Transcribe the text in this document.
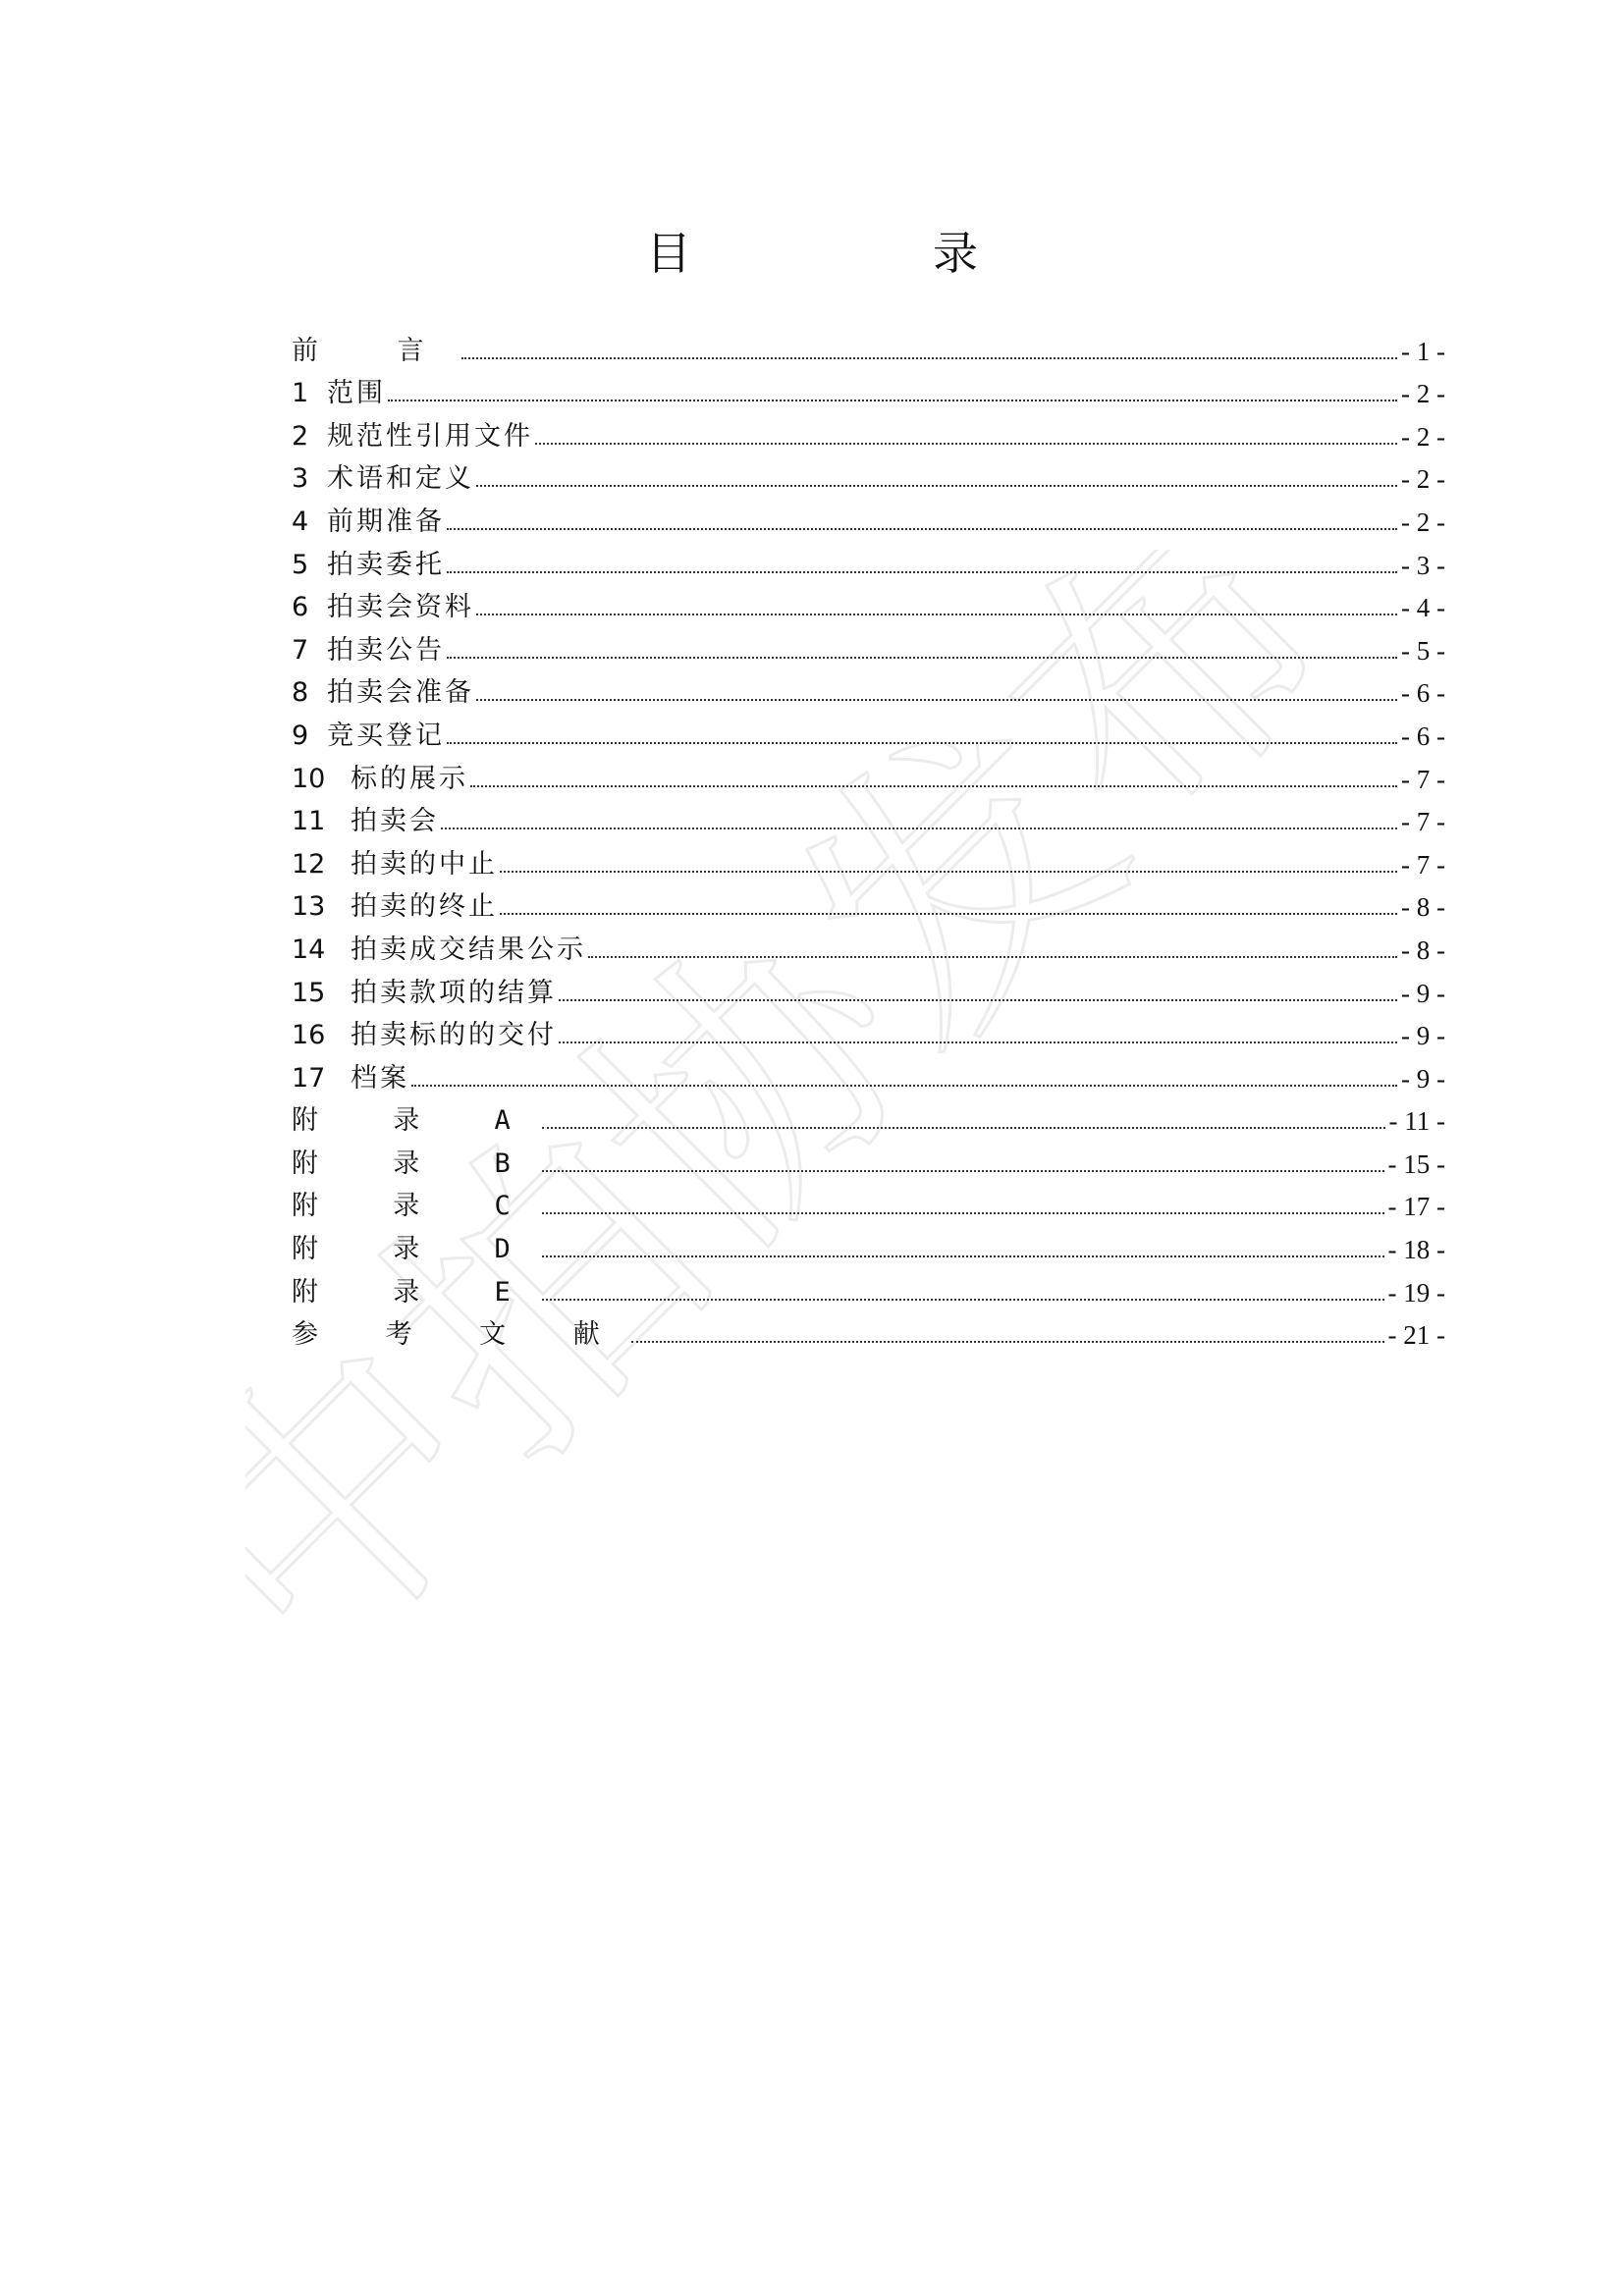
中拍协发布
目　录
前 言	- 1 -
1 范围	- 2 -
2 规范性引用文件	- 2 -
3 术语和定义	- 2 -
4 前期准备	- 2 -
5 拍卖委托	- 3 -
6 拍卖会资料	- 4 -
7 拍卖公告	- 5 -
8 拍卖会准备	- 6 -
9 竞买登记	- 6 -
10 标的展示	- 7 -
11 拍卖会	- 7 -
12 拍卖的中止	- 7 -
13 拍卖的终止	- 8 -
14 拍卖成交结果公示	- 8 -
15 拍卖款项的结算	- 9 -
16 拍卖标的的交付	- 9 -
17 档案	- 9 -
附 录 A	- 11 -
附 录 B	- 15 -
附 录 C	- 17 -
附 录 D	- 18 -
附 录 E	- 19 -
参 考 文 献	- 21 -
